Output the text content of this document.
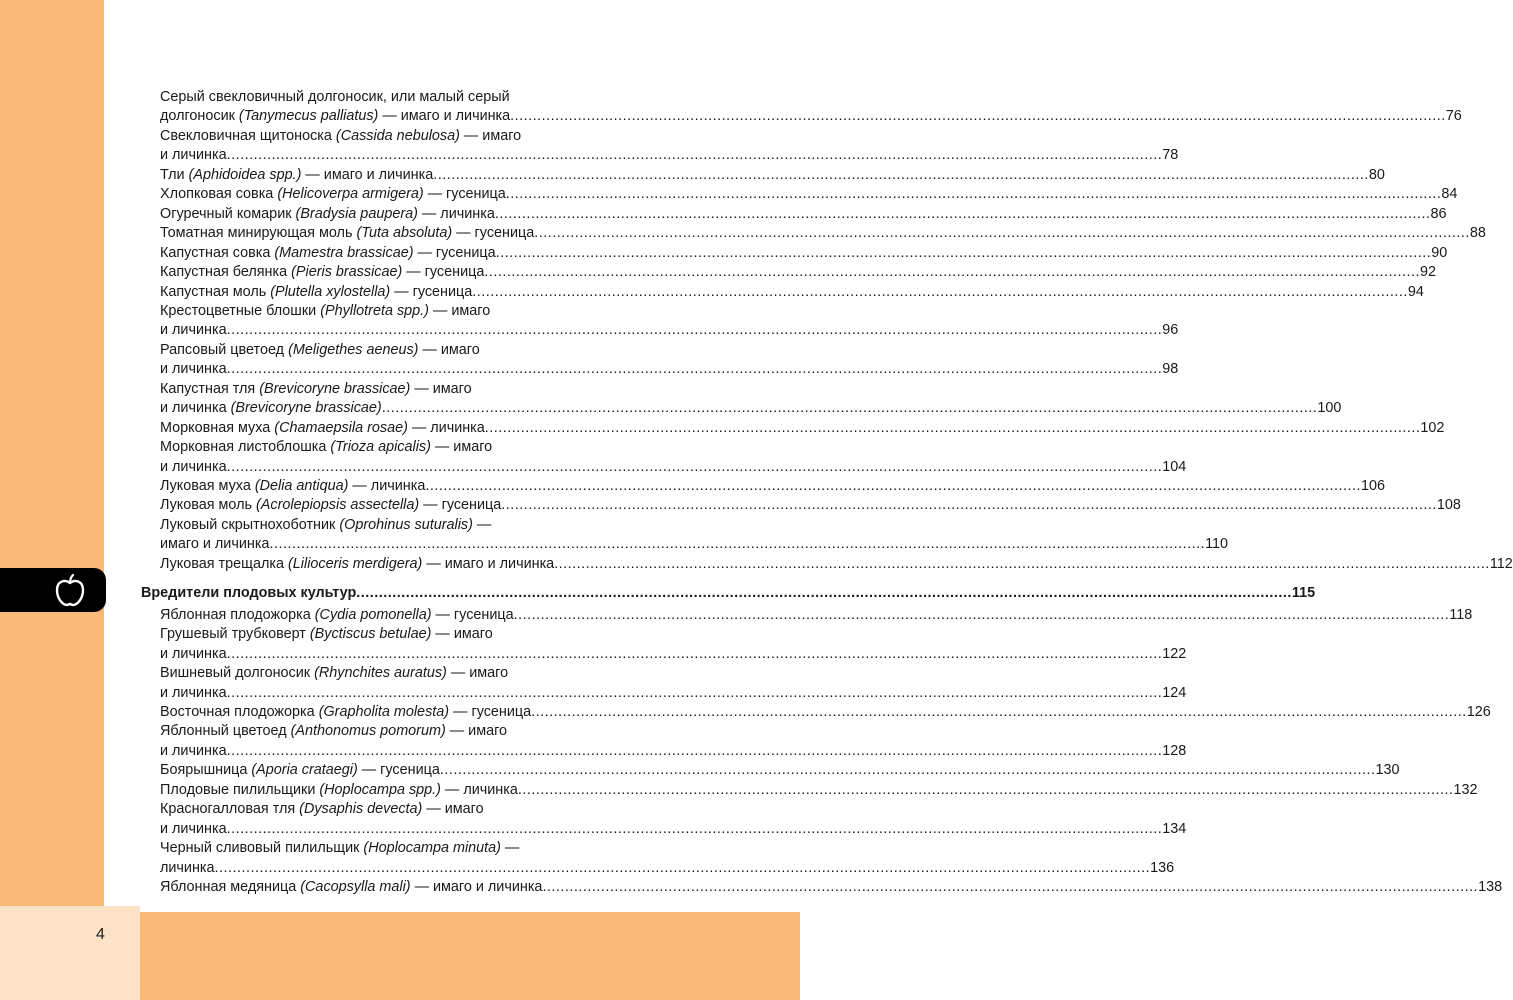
4
Серый свекловичный долгоносик, или малый серый
долгоносик (Tanymecus palliatus) — имаго и личинка ................................................................................................................................................................................................................ 76
Свекловичная щитоноска (Cassida nebulosa) — имаго
и личинка ................................................................................................................................................................................................................ 78
Тли (Aphidoidea spp.) — имаго и личинка ................................................................................................................................................................................................................ 80
Хлопковая совка (Helicoverpa armigera) — гусеница ................................................................................................................................................................................................................ 84
Огуречный комарик (Bradysia paupera) — личинка ................................................................................................................................................................................................................ 86
Томатная минирующая моль (Tuta absoluta) — гусеница ................................................................................................................................................................................................................ 88
Капустная совка (Mamestra brassicae) — гусеница ................................................................................................................................................................................................................ 90
Капустная белянка (Pieris brassicae) — гусеница ................................................................................................................................................................................................................ 92
Капустная моль (Plutella xylostella) — гусеница ................................................................................................................................................................................................................ 94
Крестоцветные блошки (Phyllotreta spp.) — имаго
и личинка ................................................................................................................................................................................................................ 96
Рапсовый цветоед (Meligethes aeneus) — имаго
и личинка ................................................................................................................................................................................................................ 98
Капустная тля (Brevicoryne brassicae) — имаго
и личинка (Brevicoryne brassicae) ................................................................................................................................................................................................................ 100
Морковная муха (Chamaepsila rosae) — личинка ................................................................................................................................................................................................................ 102
Морковная листоблошка (Trioza apicalis) — имаго
и личинка ................................................................................................................................................................................................................ 104
Луковая муха (Delia antiqua) — личинка ................................................................................................................................................................................................................ 106
Луковая моль (Acrolepiopsis assectella) — гусеница ................................................................................................................................................................................................................ 108
Луковый скрытнохоботник (Oprohinus suturalis) —
имаго и личинка ................................................................................................................................................................................................................ 110
Луковая трещалка (Lilioceris merdigera) — имаго и личинка ................................................................................................................................................................................................................ 112
Вредители плодовых культур ................................................................................................................................................................................................................ 115
Яблонная плодожорка (Cydia pomonella) — гусеница ................................................................................................................................................................................................................ 118
Грушевый трубковерт (Byctiscus betulae) — имаго
и личинка ................................................................................................................................................................................................................ 122
Вишневый долгоносик (Rhynchites auratus) — имаго
и личинка ................................................................................................................................................................................................................ 124
Восточная плодожорка (Grapholita molesta) — гусеница ................................................................................................................................................................................................................ 126
Яблонный цветоед (Anthonomus pomorum) — имаго
и личинка ................................................................................................................................................................................................................ 128
Боярышница (Aporia crataegi) — гусеница ................................................................................................................................................................................................................ 130
Плодовые пилильщики (Hoplocampa spp.) — личинка ................................................................................................................................................................................................................ 132
Красногалловая тля (Dysaphis devecta) — имаго
и личинка ................................................................................................................................................................................................................ 134
Черный сливовый пилильщик (Hoplocampa minuta) —
личинка ................................................................................................................................................................................................................ 136
Яблонная медяница (Cacopsylla mali) — имаго и личинка ................................................................................................................................................................................................................ 138
